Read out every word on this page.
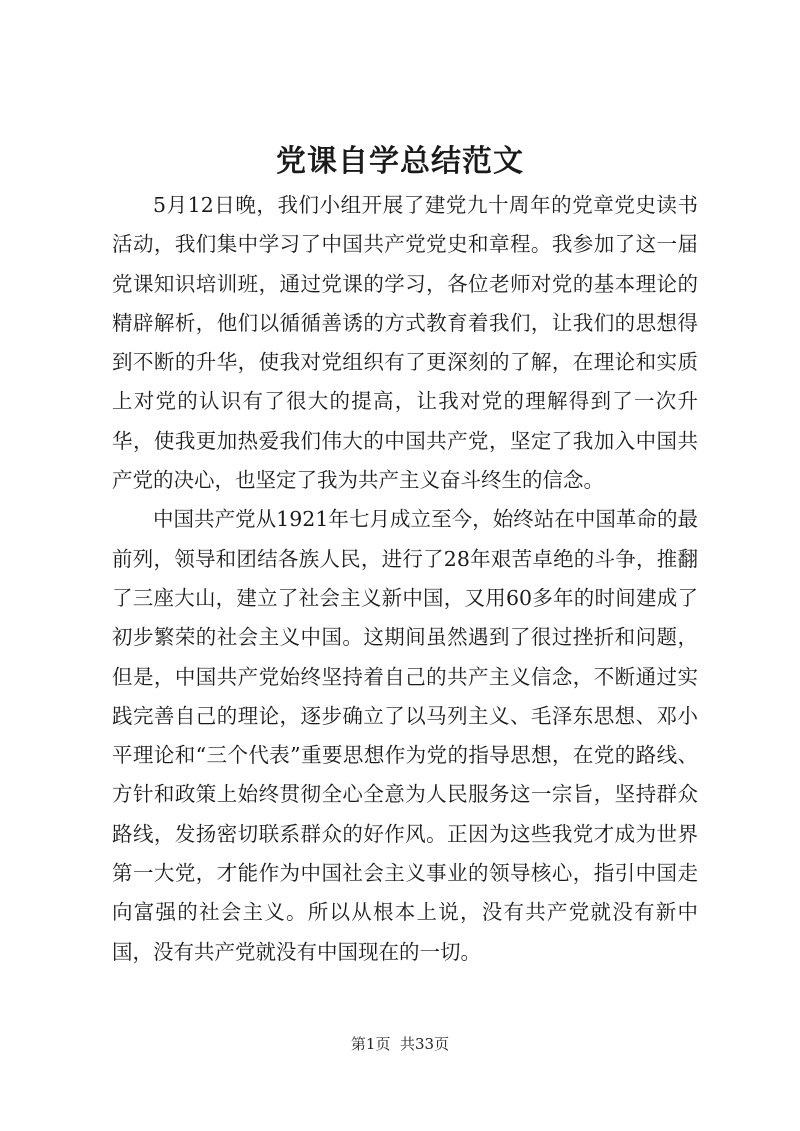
党课自学总结范文

5月12日晚，我们小组开展了建党九十周年的党章党史读书活动，我们集中学习了中国共产党党史和章程。我参加了这一届党课知识培训班，通过党课的学习，各位老师对党的基本理论的精辟解析，他们以循循善诱的方式教育着我们，让我们的思想得到不断的升华，使我对党组织有了更深刻的了解，在理论和实质上对党的认识有了很大的提高，让我对党的理解得到了一次升华，使我更加热爱我们伟大的中国共产党，坚定了我加入中国共产党的决心，也坚定了我为共产主义奋斗终生的信念。

中国共产党从1921年七月成立至今，始终站在中国革命的最前列，领导和团结各族人民，进行了28年艰苦卓绝的斗争，推翻了三座大山，建立了社会主义新中国，又用60多年的时间建成了初步繁荣的社会主义中国。这期间虽然遇到了很过挫折和问题，但是，中国共产党始终坚持着自己的共产主义信念，不断通过实践完善自己的理论，逐步确立了以马列主义、毛泽东思想、邓小平理论和“三个代表”重要思想作为党的指导思想，在党的路线、方针和政策上始终贯彻全心全意为人民服务这一宗旨，坚持群众路线，发扬密切联系群众的好作风。正因为这些我党才成为世界第一大党，才能作为中国社会主义事业的领导核心，指引中国走向富强的社会主义。所以从根本上说，没有共产党就没有新中国，没有共产党就没有中国现在的一切。

第1页 共33页
